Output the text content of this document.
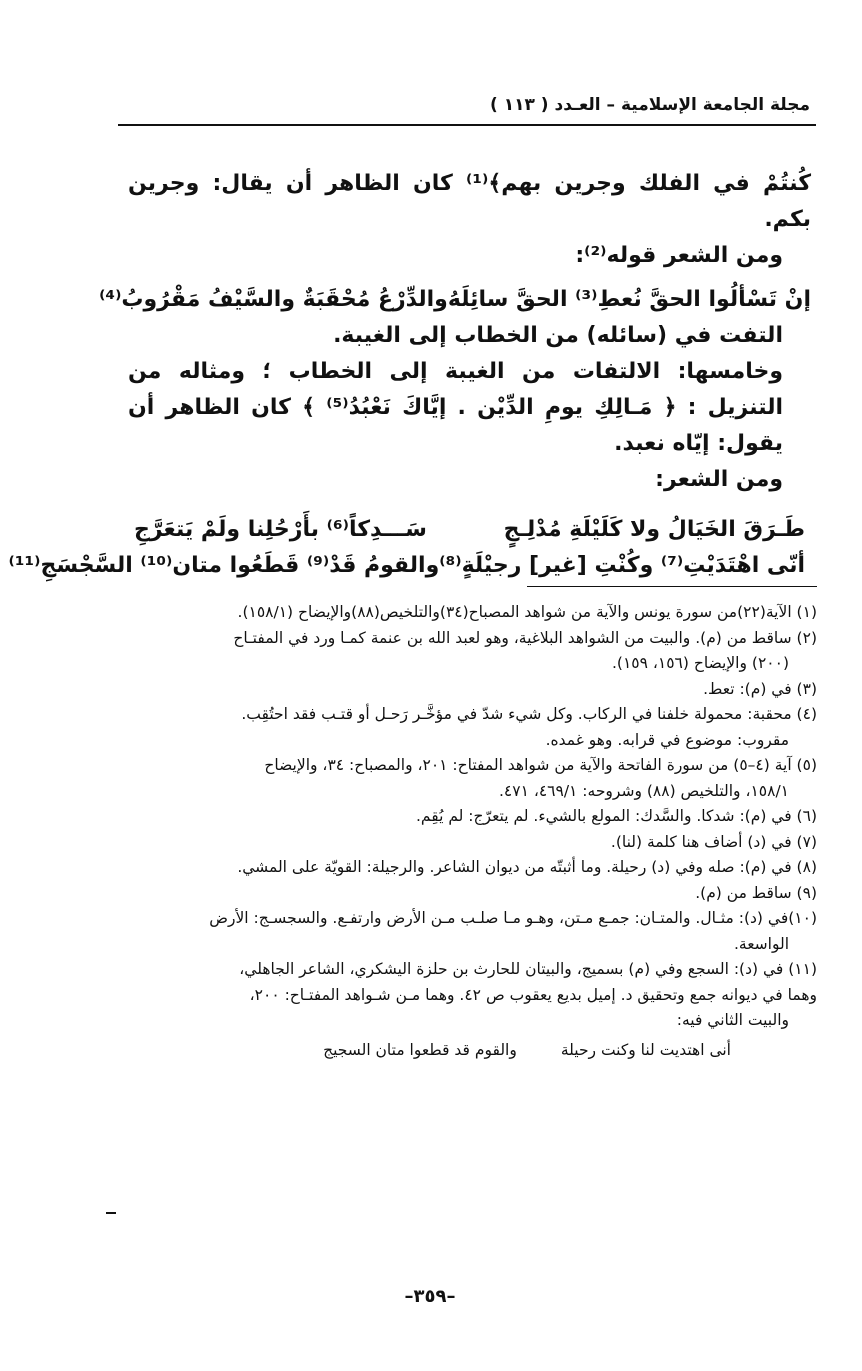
مجلة الجامعة الإسلامية – العـدد ( ١١٣ )

كُنتُمْ في الفلك وجرين بهم﴾⁽¹⁾ كان الظاهر أن يقال: وجرين بكم.

ومن الشعر قوله⁽²⁾:

إنْ تَسْألُوا الحقَّ نُعطِ⁽³⁾ الحقَّ سائِلَهُ
والدِّرْعُ مُحْقَبَةٌ والسَّيْفُ مَقْرُوبُ⁽⁴⁾

التفت في (سائله) من الخطاب إلى الغيبة.

وخامسها: الالتفات من الغيبة إلى الخطاب ؛ ومثاله من التنزيل : ﴿ مَـالِكِ يومِ الدِّيْن . إيَّاكَ نَعْبُدُ⁽⁵⁾ ﴾ كان الظاهر أن يقول: إيّاه نعبد.

ومن الشعر:

طَـرَقَ الخَيَالُ ولا كَلَيْلَةِ مُدْلِـجٍ
سَـــدِكاً⁽⁶⁾ بأَرْحُلِنا ولَمْ يَتعَرَّجِ
أنّى اهْتَدَيْتِ⁽⁷⁾ وكُنْتِ [غير] رجيْلَةٍ⁽⁸⁾
والقومُ قَدْ⁽⁹⁾ قَطَعُوا متان⁽¹⁰⁾ السَّجْسَجِ⁽¹¹⁾

(١) الآية(٢٢)من سورة يونس والآية من شواهد المصباح(٣٤)والتلخيص(٨٨)والإيضاح (١٥٨/١).

(٢) ساقط من (م). والبيت من الشواهد البلاغية، وهو لعبد الله بن عنمة كمـا ورد في المفتـاح

(٢٠٠) والإيضاح (١٥٦، ١٥٩).

(٣) في (م): تعط.

(٤) محقبة: محمولة خلفنا في الركاب. وكل شيء شدّ في مؤخَّـر رَحـل أو قتـب فقد احتُقِب.

مقروب: موضوع في قرابه. وهو غمده.

(٥) آية (٤–٥) من سورة الفاتحة والآية من شواهد المفتاح: ٢٠١، والمصباح: ٣٤، والإيضاح

١٥٨/١، والتلخيص (٨٨) وشروحه: ٤٦٩/١، ٤٧١.

(٦) في (م): شدكا. والسَّدك: المولع بالشيء. لم يتعرّج: لم يُقِم.

(٧) في (د) أضاف هنا كلمة (لنا).

(٨) في (م): صله وفي (د) رحيلة. وما أثبتّه من ديوان الشاعر. والرجيلة: القويّة على المشي.

(٩) ساقط من (م).

(١٠)في (د): مثـال. والمتـان: جمـع مـتن، وهـو مـا صلـب مـن الأرض وارتفـع. والسجسـج: الأرض

الواسعة.

(١١) في (د): السجع وفي (م) بسميج، والبيتان للحارث بن حلزة اليشكري، الشاعر الجاهلي،

وهما في ديوانه جمع وتحقيق د. إميل بديع يعقوب ص ٤٢. وهما مـن شـواهد المفتـاح: ٢٠٠،

والبيت الثاني فيه:

أنى اهتديت لنا وكنت رحيلة
والقوم قد قطعوا متان السجيج
–٣٥٩–
